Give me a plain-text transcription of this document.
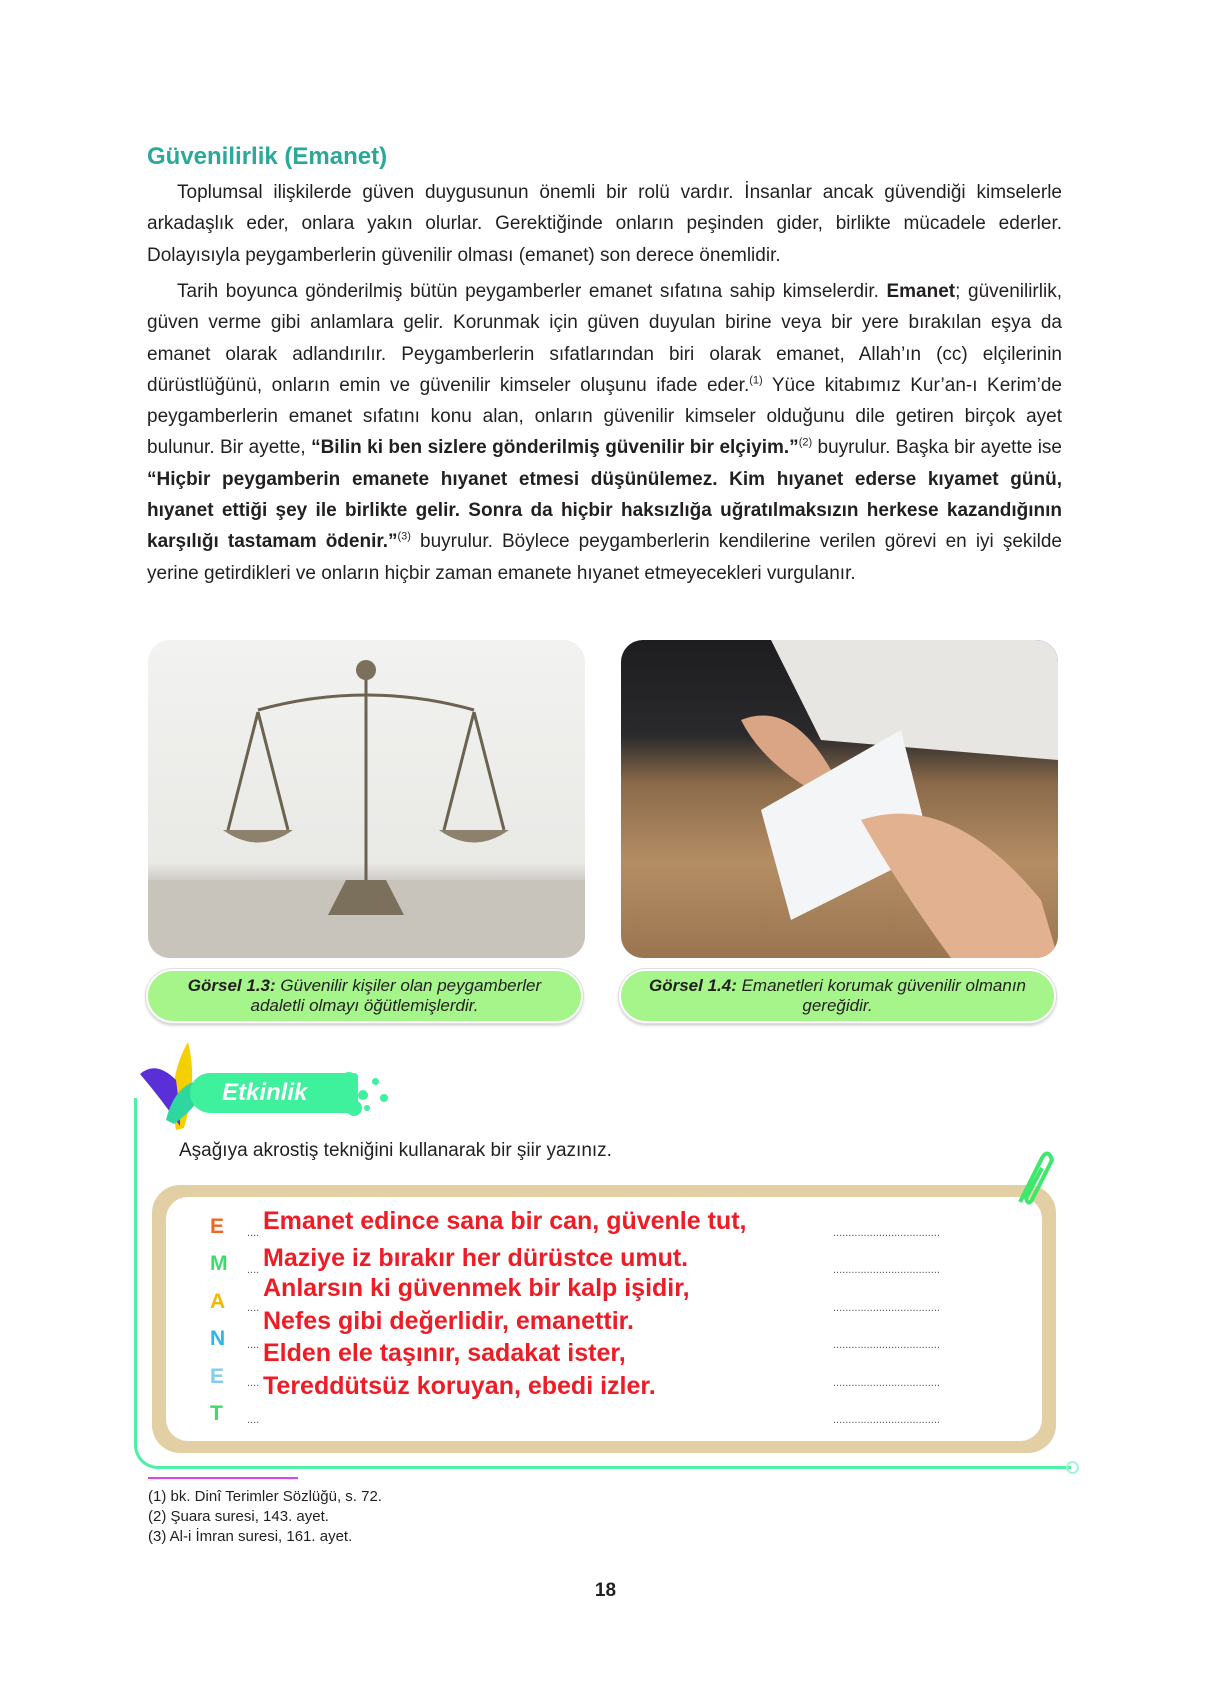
Güvenilirlik (Emanet)

Toplumsal ilişkilerde güven duygusunun önemli bir rolü vardır. İnsanlar ancak güvendiği kimselerle arkadaşlık eder, onlara yakın olurlar. Gerektiğinde onların peşinden gider, birlikte mücadele ederler. Dolayısıyla peygamberlerin güvenilir olması (emanet) son derece önemlidir.

Tarih boyunca gönderilmiş bütün peygamberler emanet sıfatına sahip kimselerdir. Emanet; güvenilirlik, güven verme gibi anlamlara gelir. Korunmak için güven duyulan birine veya bir yere bırakılan eşya da emanet olarak adlandırılır. Peygamberlerin sıfatlarından biri olarak emanet, Allah’ın (cc) elçilerinin dürüstlüğünü, onların emin ve güvenilir kimseler oluşunu ifade eder.$^{(1)}$ Yüce kitabımız Kur’an-ı Kerim’de peygamberlerin emanet sıfatını konu alan, onların güvenilir kimseler olduğunu dile getiren birçok ayet bulunur. Bir ayette, “Bilin ki ben sizlere gönderilmiş güvenilir bir elçiyim.”$^{(2)}$ buyrulur. Başka bir ayette ise “Hiçbir peygamberin emanete hıyanet etmesi düşünülemez. Kim hıyanet ederse kıyamet günü, hıyanet ettiği şey ile birlikte gelir. Sonra da hiçbir haksızlığa uğratılmaksızın herkese kazandığının karşılığı tastamam ödenir.”$^{(3)}$ buyrulur. Böylece peygamberlerin kendilerine verilen görevi en iyi şekilde yerine getirdikleri ve onların hiçbir zaman emanete hıyanet etmeyecekleri vurgulanır.

Görsel 1.3: Güvenilir kişiler olan peygamberler adaletli olmayı öğütlemişlerdir.
Görsel 1.4: Emanetleri korumak güvenilir olmanın gereğidir.
Etkinlik
Aşağıya akrostiş tekniğini kullanarak bir şiir yazınız.
E .... Emanet edince sana bir can, güvenle tut,	...................................
M .... Maziye iz bırakır her dürüstce umut.	...................................
A ....
Anlarsın ki güvenmek bir kalp işidir,
...................................
N ....
Nefes gibi değerlidir, emanettir.
...................................
E ....
Elden ele taşınır, sadakat ister,
...................................
T ....
Tereddütsüz koruyan, ebedi izler.
...................................
(1) bk. Dinî Terimler Sözlüğü, s. 72.
(2) Şuara suresi, 143. ayet.
(3) Al-i İmran suresi, 161. ayet.
18
